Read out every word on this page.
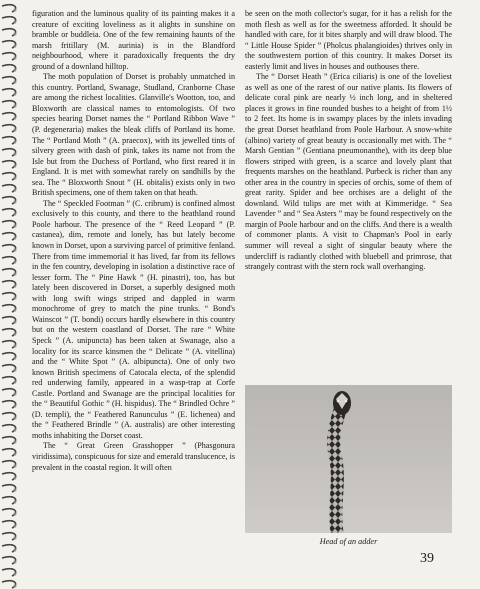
figuration and the luminous quality of its painting makes it a creature of exciting loveliness as it alights in sunshine on bramble or buddleia. One of the few remaining haunts of the marsh fritillary (M. aurinia) is in the Blandford neighbourhood, where it paradoxically frequents the dry ground of a downland hilltop.

The moth population of Dorset is probably unmatched in this country. Portland, Swanage, Studland, Cranborne Chase are among the richest localities. Glanville's Wootton, too, and Bloxworth are classical names to entomologists. Of two species bearing Dorset names the “ Portland Ribbon Wave ” (P. degeneraria) makes the bleak cliffs of Portland its home. The “ Portland Moth ” (A. praecox), with its jewelled tints of silvery green with dash of pink, takes its name not from the Isle but from the Duchess of Portland, who first reared it in England. It is met with somewhat rarely on sandhills by the sea. The “ Bloxworth Snout ” (H. obitalis) exists only in two British specimens, one of them taken on that heath.

The “ Speckled Footman ” (C. cribrum) is confined almost exclusively to this county, and there to the heathland round Poole harbour. The presence of the “ Reed Leopard ” (P. castanea), dim, remote and lonely, has but lately become known in Dorset, upon a surviving parcel of primitive fenland. There from time immemorial it has lived, far from its fellows in the fen country, developing in isolation a distinctive race of lesser form. The “ Pine Hawk ” (H. pinastri), too, has but lately been discovered in Dorset, a superbly designed moth with long swift wings striped and dappled in warm monochrome of grey to match the pine trunks. “ Bond's Wainscot ” (T. bondi) occurs hardly elsewhere in this country but on the western coastland of Dorset. The rare “ White Speck ” (A. unipuncta) has been taken at Swanage, also a locality for its scarce kinsmen the “ Delicate ” (A. vitellina) and the “ White Spot ” (A. albipuncta). One of only two known British specimens of Catocala electa, of the splendid red underwing family, appeared in a wasp-trap at Corfe Castle. Portland and Swanage are the principal localities for the “ Beautiful Gothic ” (H. hispidus). The “ Brindled Ochre ” (D. templi), the “ Feathered Ranunculus ” (E. lichenea) and the “ Feathered Brindle ” (A. australis) are other interesting moths inhabiting the Dorset coast.

The “ Great Green Grasshopper ” (Phasgonura viridissima), conspicuous for size and emerald translucence, is prevalent in the coastal region. It will often

be seen on the moth collector's sugar, for it has a relish for the moth flesh as well as for the sweetness afforded. It should be handled with care, for it bites sharply and will draw blood. The “ Little House Spider ” (Pholcus phalangioides) thrives only in the southwestern portion of this country. It makes Dorset its easterly limit and lives in houses and outhouses there.

The “ Dorset Heath ” (Erica ciliaris) is one of the loveliest as well as one of the rarest of our native plants. Its flowers of delicate coral pink are nearly ½ inch long, and in sheltered places it grows in fine rounded bushes to a height of from 1½ to 2 feet. Its home is in swampy places by the inlets invading the great Dorset heathland from Poole Harbour. A snow-white (albino) variety of great beauty is occasionally met with. The “ Marsh Gentian ” (Gentiana pneumonanthe), with its deep blue flowers striped with green, is a scarce and lovely plant that frequents marshes on the heathland. Purbeck is richer than any other area in the country in species of orchis, some of them of great rarity. Spider and bee orchises are a delight of the downland. Wild tulips are met with at Kimmeridge. “ Sea Lavender ” and “ Sea Asters ” may be found respectively on the margin of Poole harbour and on the cliffs. And there is a wealth of commoner plants. A visit to Chapman's Pool in early summer will reveal a sight of singular beauty where the undercliff is radiantly clothed with bluebell and primrose, that strangely contrast with the stern rock wall overhanging.

Head of an adder
39
